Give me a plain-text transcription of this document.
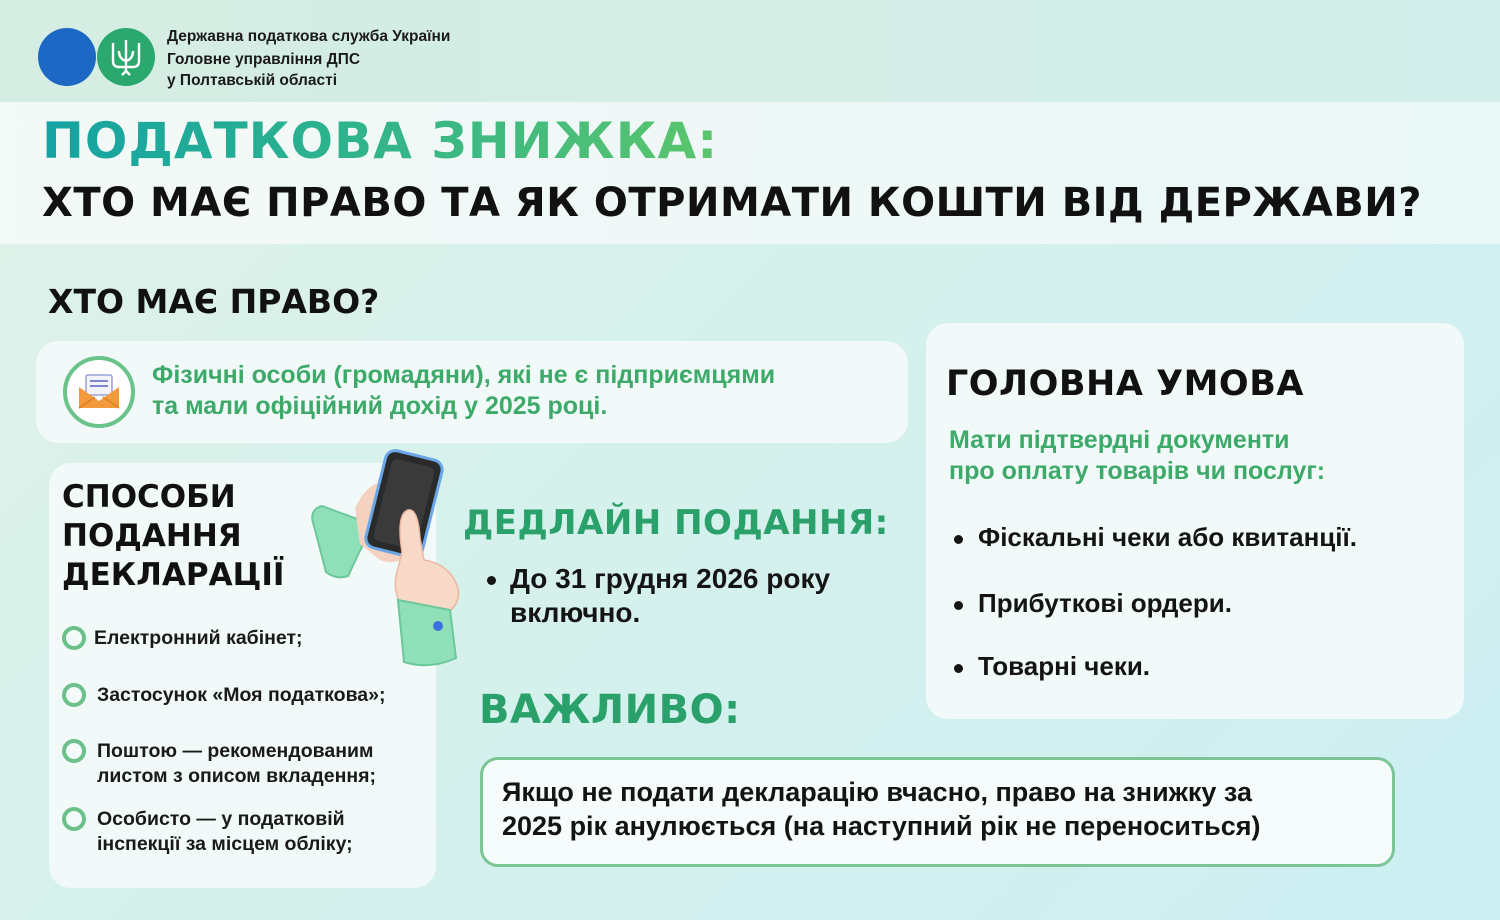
Державна податкова служба України
Головне управління ДПС
у Полтавській області
ПОДАТКОВА ЗНИЖКА:
ХТО МАЄ ПРАВО ТА ЯК ОТРИМАТИ КОШТИ ВІД ДЕРЖАВИ?
ХТО МАЄ ПРАВО?
Фізичні особи (громадяни), які не є підприємцями
та мали офіційний дохід у 2025 році.
СПОСОБИ
ПОДАННЯ
ДЕКЛАРАЦІЇ
Електронний кабінет;
Застосунок «Моя податкова»;
Поштою — рекомендованим
листом з описом вкладення;
Особисто — у податковій
інспекції за місцем обліку;
ДЕДЛАЙН ПОДАННЯ:
До 31 грудня 2026 року
включно.
ВАЖЛИВО:
Якщо не подати декларацію вчасно, право на знижку за
2025 рік анулюється (на наступний рік не переноситься)
ГОЛОВНА УМОВА
Мати підтвердні документи
про оплату товарів чи послуг:
Фіскальні чеки або квитанції.
Прибуткові ордери.
Товарні чеки.
